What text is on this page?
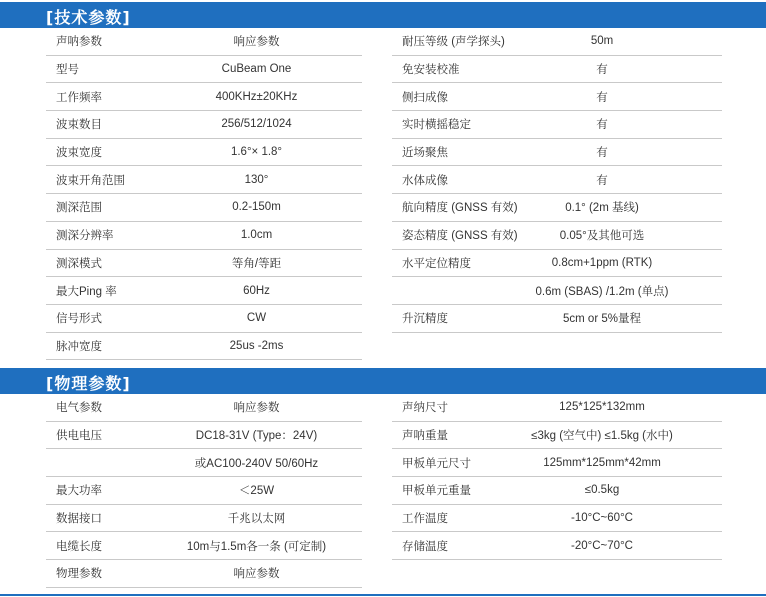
[技术参数]
声呐参数	响应参数
型号	CuBeam One
工作频率	400KHz±20KHz
波束数目	256/512/1024
波束宽度	1.6°× 1.8°
波束开角范围	130°
测深范围	0.2-150m
测深分辨率	1.0cm
测深模式	等角/等距
最大Ping 率	60Hz
信号形式	CW
脉冲宽度	25us -2ms
耐压等级 (声学探头)	50m
免安装校准	有
侧扫成像	有
实时横摇稳定	有
近场聚焦	有
水体成像	有
航向精度 (GNSS 有效)	0.1° (2m 基线)
姿态精度 (GNSS 有效)	0.05°及其他可选
水平定位精度	0.8cm+1ppm (RTK)
0.6m (SBAS) /1.2m (单点)
升沉精度	5cm or 5%量程
[物理参数]
电气参数	响应参数
供电电压	DC18-31V (Type：24V)
或AC100-240V 50/60Hz
最大功率	＜25W
数据接口	千兆以太网
电缆长度	10m与1.5m各一条 (可定制)
物理参数	响应参数
声纳尺寸	125*125*132mm
声呐重量	≤3kg (空气中) ≤1.5kg (水中)
甲板单元尺寸	125mm*125mm*42mm
甲板单元重量	≤0.5kg
工作温度	-10°C~60°C
存储温度	-20°C~70°C
